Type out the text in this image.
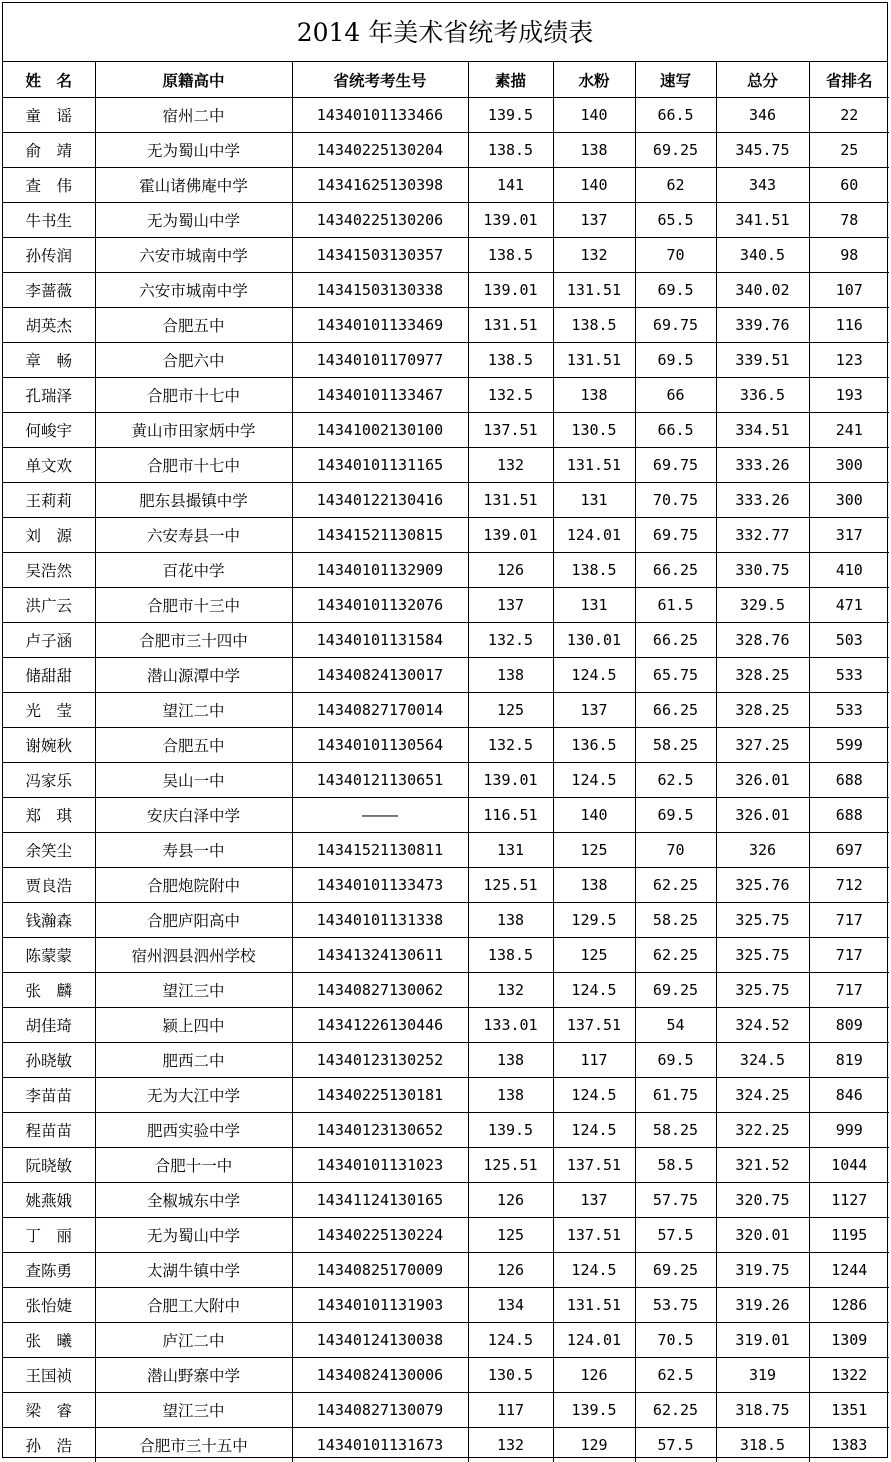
2014 年美术省统考成绩表
姓　名	原籍高中	省统考考生号	素描	水粉	速写	总分	省排名
童　谣	宿州二中	14340101133466	139.5	140	66.5	346	22
俞　靖	无为蜀山中学	14340225130204	138.5	138	69.25	345.75	25
查　伟	霍山诸佛庵中学	14341625130398	141	140	62	343	60
牛书生	无为蜀山中学	14340225130206	139.01	137	65.5	341.51	78
孙传润	六安市城南中学	14341503130357	138.5	132	70	340.5	98
李蔷薇	六安市城南中学	14341503130338	139.01	131.51	69.5	340.02	107
胡英杰	合肥五中	14340101133469	131.51	138.5	69.75	339.76	116
章　畅	合肥六中	14340101170977	138.5	131.51	69.5	339.51	123
孔瑞泽	合肥市十七中	14340101133467	132.5	138	66	336.5	193
何峻宇	黄山市田家炳中学	14341002130100	137.51	130.5	66.5	334.51	241
单文欢	合肥市十七中	14340101131165	132	131.51	69.75	333.26	300
王莉莉	肥东县撮镇中学	14340122130416	131.51	131	70.75	333.26	300
刘　源	六安寿县一中	14341521130815	139.01	124.01	69.75	332.77	317
吴浩然	百花中学	14340101132909	126	138.5	66.25	330.75	410
洪广云	合肥市十三中	14340101132076	137	131	61.5	329.5	471
卢子涵	合肥市三十四中	14340101131584	132.5	130.01	66.25	328.76	503
储甜甜	潜山源潭中学	14340824130017	138	124.5	65.75	328.25	533
光　莹	望江二中	14340827170014	125	137	66.25	328.25	533
谢婉秋	合肥五中	14340101130564	132.5	136.5	58.25	327.25	599
冯家乐	吴山一中	14340121130651	139.01	124.5	62.5	326.01	688
郑　琪	安庆白泽中学	————	116.51	140	69.5	326.01	688
余笑尘	寿县一中	14341521130811	131	125	70	326	697
贾良浩	合肥炮院附中	14340101133473	125.51	138	62.25	325.76	712
钱瀚森	合肥庐阳高中	14340101131338	138	129.5	58.25	325.75	717
陈蒙蒙	宿州泗县泗州学校	14341324130611	138.5	125	62.25	325.75	717
张　麟	望江三中	14340827130062	132	124.5	69.25	325.75	717
胡佳琦	颍上四中	14341226130446	133.01	137.51	54	324.52	809
孙晓敏	肥西二中	14340123130252	138	117	69.5	324.5	819
李苗苗	无为大江中学	14340225130181	138	124.5	61.75	324.25	846
程苗苗	肥西实验中学	14340123130652	139.5	124.5	58.25	322.25	999
阮晓敏	合肥十一中	14340101131023	125.51	137.51	58.5	321.52	1044
姚燕娥	全椒城东中学	14341124130165	126	137	57.75	320.75	1127
丁　丽	无为蜀山中学	14340225130224	125	137.51	57.5	320.01	1195
查陈勇	太湖牛镇中学	14340825170009	126	124.5	69.25	319.75	1244
张怡婕	合肥工大附中	14340101131903	134	131.51	53.75	319.26	1286
张　曦	庐江二中	14340124130038	124.5	124.01	70.5	319.01	1309
王国祯	潜山野寨中学	14340824130006	130.5	126	62.5	319	1322
梁　睿	望江三中	14340827130079	117	139.5	62.25	318.75	1351
孙　浩	合肥市三十五中	14340101131673	132	129	57.5	318.5	1383
